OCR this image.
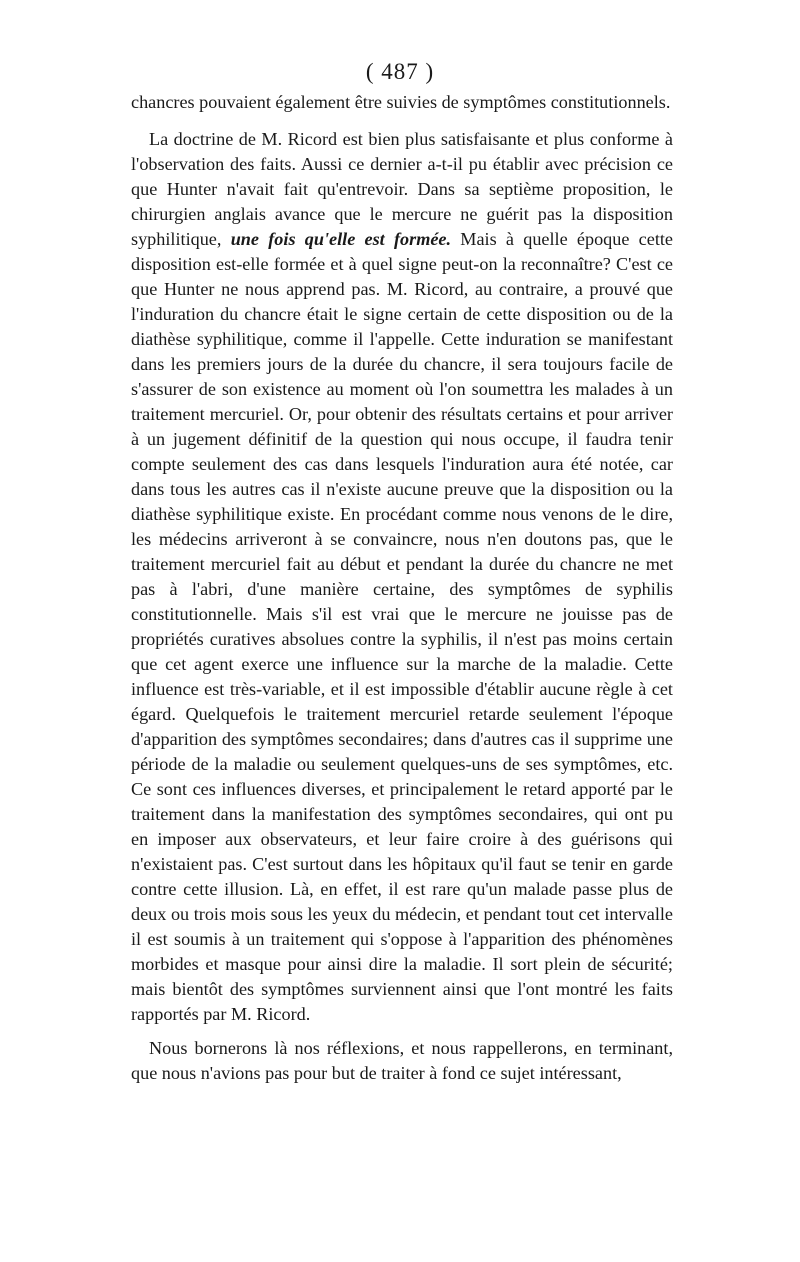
( 487 )

chancres pouvaient également être suivies de symptômes constitutionnels.

La doctrine de M. Ricord est bien plus satisfaisante et plus conforme à l'observation des faits. Aussi ce dernier a-t-il pu établir avec précision ce que Hunter n'avait fait qu'entrevoir. Dans sa septième proposition, le chirurgien anglais avance que le mercure ne guérit pas la disposition syphilitique, une fois qu'elle est formée. Mais à quelle époque cette disposition est-elle formée et à quel signe peut-on la reconnaître? C'est ce que Hunter ne nous apprend pas. M. Ricord, au contraire, a prouvé que l'induration du chancre était le signe certain de cette disposition ou de la diathèse syphilitique, comme il l'appelle. Cette induration se manifestant dans les premiers jours de la durée du chancre, il sera toujours facile de s'assurer de son existence au moment où l'on soumettra les malades à un traitement mercuriel. Or, pour obtenir des résultats certains et pour arriver à un jugement définitif de la question qui nous occupe, il faudra tenir compte seulement des cas dans lesquels l'induration aura été notée, car dans tous les autres cas il n'existe aucune preuve que la disposition ou la diathèse syphilitique existe. En procédant comme nous venons de le dire, les médecins arriveront à se convaincre, nous n'en doutons pas, que le traitement mercuriel fait au début et pendant la durée du chancre ne met pas à l'abri, d'une manière certaine, des symptômes de syphilis constitutionnelle. Mais s'il est vrai que le mercure ne jouisse pas de propriétés curatives absolues contre la syphilis, il n'est pas moins certain que cet agent exerce une influence sur la marche de la maladie. Cette influence est très-variable, et il est impossible d'établir aucune règle à cet égard. Quelquefois le traitement mercuriel retarde seulement l'époque d'apparition des symptômes secondaires; dans d'autres cas il supprime une période de la maladie ou seulement quelques-uns de ses symptômes, etc. Ce sont ces influences diverses, et principalement le retard apporté par le traitement dans la manifestation des symptômes secondaires, qui ont pu en imposer aux observateurs, et leur faire croire à des guérisons qui n'existaient pas. C'est surtout dans les hôpitaux qu'il faut se tenir en garde contre cette illusion. Là, en effet, il est rare qu'un malade passe plus de deux ou trois mois sous les yeux du médecin, et pendant tout cet intervalle il est soumis à un traitement qui s'oppose à l'apparition des phénomènes morbides et masque pour ainsi dire la maladie. Il sort plein de sécurité; mais bientôt des symptômes surviennent ainsi que l'ont montré les faits rapportés par M. Ricord.

Nous bornerons là nos réflexions, et nous rappellerons, en terminant, que nous n'avions pas pour but de traiter à fond ce sujet intéressant,
